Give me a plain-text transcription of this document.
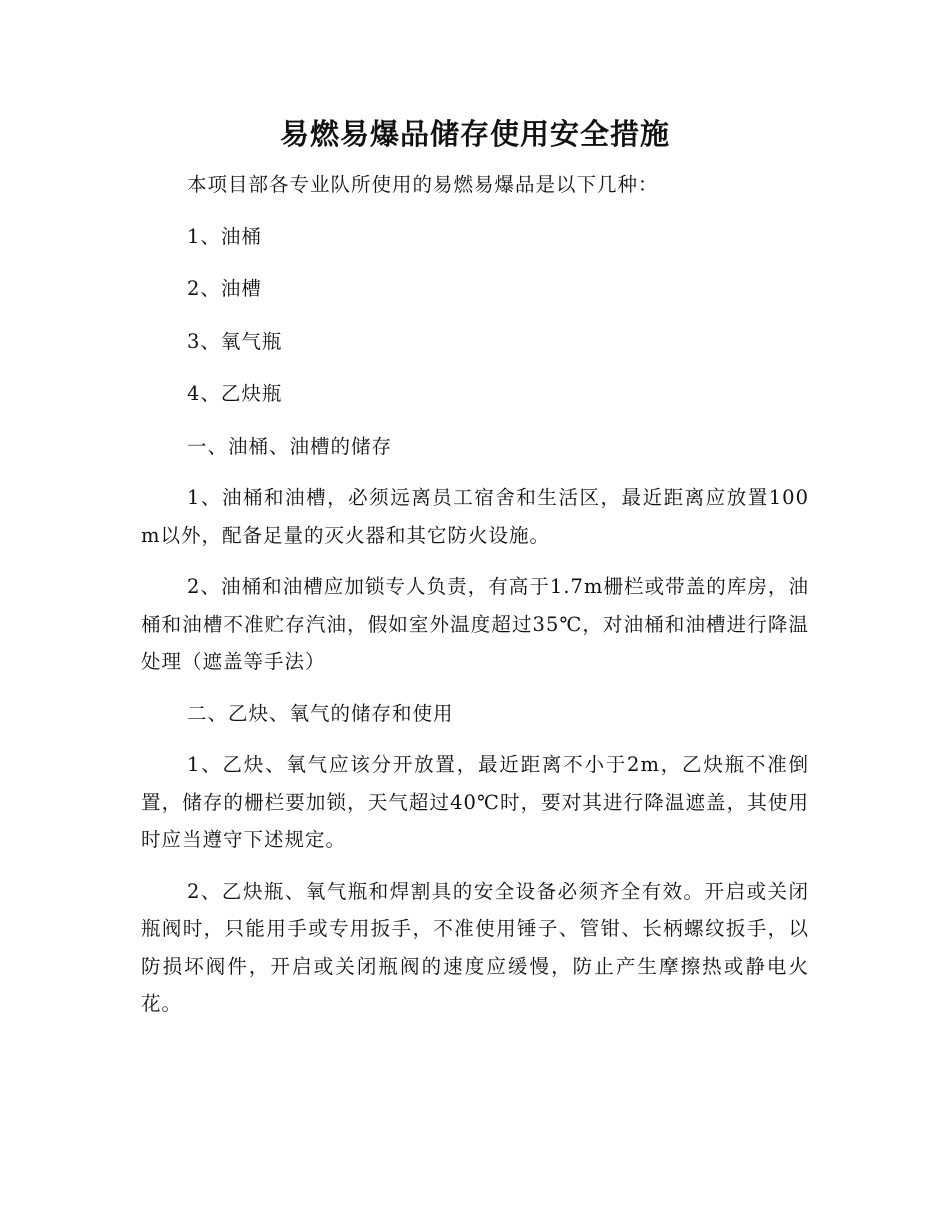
易燃易爆品储存使用安全措施

本项目部各专业队所使用的易燃易爆品是以下几种：

1、油桶

2、油槽

3、氧气瓶

4、乙炔瓶

一、油桶、油槽的储存

1、油桶和油槽，必须远离员工宿舍和生活区，最近距离应放置100m以外，配备足量的灭火器和其它防火设施。

2、油桶和油槽应加锁专人负责，有高于1.7m栅栏或带盖的库房，油桶和油槽不准贮存汽油，假如室外温度超过35℃，对油桶和油槽进行降温处理（遮盖等手法）

二、乙炔、氧气的储存和使用

1、乙炔、氧气应该分开放置，最近距离不小于2m，乙炔瓶不准倒置，储存的栅栏要加锁，天气超过40℃时，要对其进行降温遮盖，其使用时应当遵守下述规定。

2、乙炔瓶、氧气瓶和焊割具的安全设备必须齐全有效。开启或关闭瓶阀时，只能用手或专用扳手，不准使用锤子、管钳、长柄螺纹扳手，以防损坏阀件，开启或关闭瓶阀的速度应缓慢，防止产生摩擦热或静电火花。
